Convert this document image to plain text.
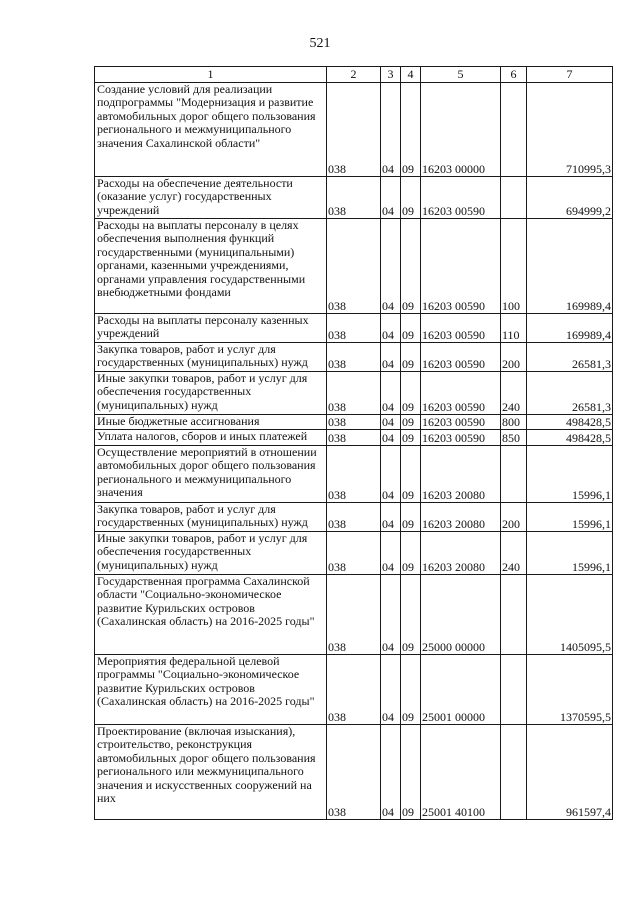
521
1	2	3	4	5	6	7
Создание условий для реализации подпрограммы "Модернизация и развитие автомобильных дорог общего пользования регионального и межмуниципального значения Сахалинской области"	038	04	09	16203 00000		710995,3
Расходы на обеспечение деятельности (оказание услуг) государственных учреждений	038	04	09	16203 00590		694999,2
Расходы на выплаты персоналу в целях обеспечения выполнения функций государственными (муниципальными) органами, казенными учреждениями, органами управления государственными внебюджетными фондами	038	04	09	16203 00590	100	169989,4
Расходы на выплаты персоналу казенных учреждений	038	04	09	16203 00590	110	169989,4
Закупка товаров, работ и услуг для государственных (муниципальных) нужд	038	04	09	16203 00590	200	26581,3
Иные закупки товаров, работ и услуг для обеспечения государственных (муниципальных) нужд	038	04	09	16203 00590	240	26581,3
Иные бюджетные ассигнования	038	04	09	16203 00590	800	498428,5
Уплата налогов, сборов и иных платежей	038	04	09	16203 00590	850	498428,5
Осуществление мероприятий в отношении автомобильных дорог общего пользования регионального и межмуниципального значения	038	04	09	16203 20080		15996,1
Закупка товаров, работ и услуг для государственных (муниципальных) нужд	038	04	09	16203 20080	200	15996,1
Иные закупки товаров, работ и услуг для обеспечения государственных (муниципальных) нужд	038	04	09	16203 20080	240	15996,1
Государственная программа Сахалинской области "Социально-экономическое развитие Курильских островов (Сахалинская область) на 2016-2025 годы"	038	04	09	25000 00000		1405095,5
Мероприятия федеральной целевой программы "Социально-экономическое развитие Курильских островов (Сахалинская область) на 2016-2025 годы"	038	04	09	25001 00000		1370595,5
Проектирование (включая изыскания), строительство, реконструкция автомобильных дорог общего пользования регионального или межмуниципального значения и искусственных сооружений на них	038	04	09	25001 40100		961597,4
